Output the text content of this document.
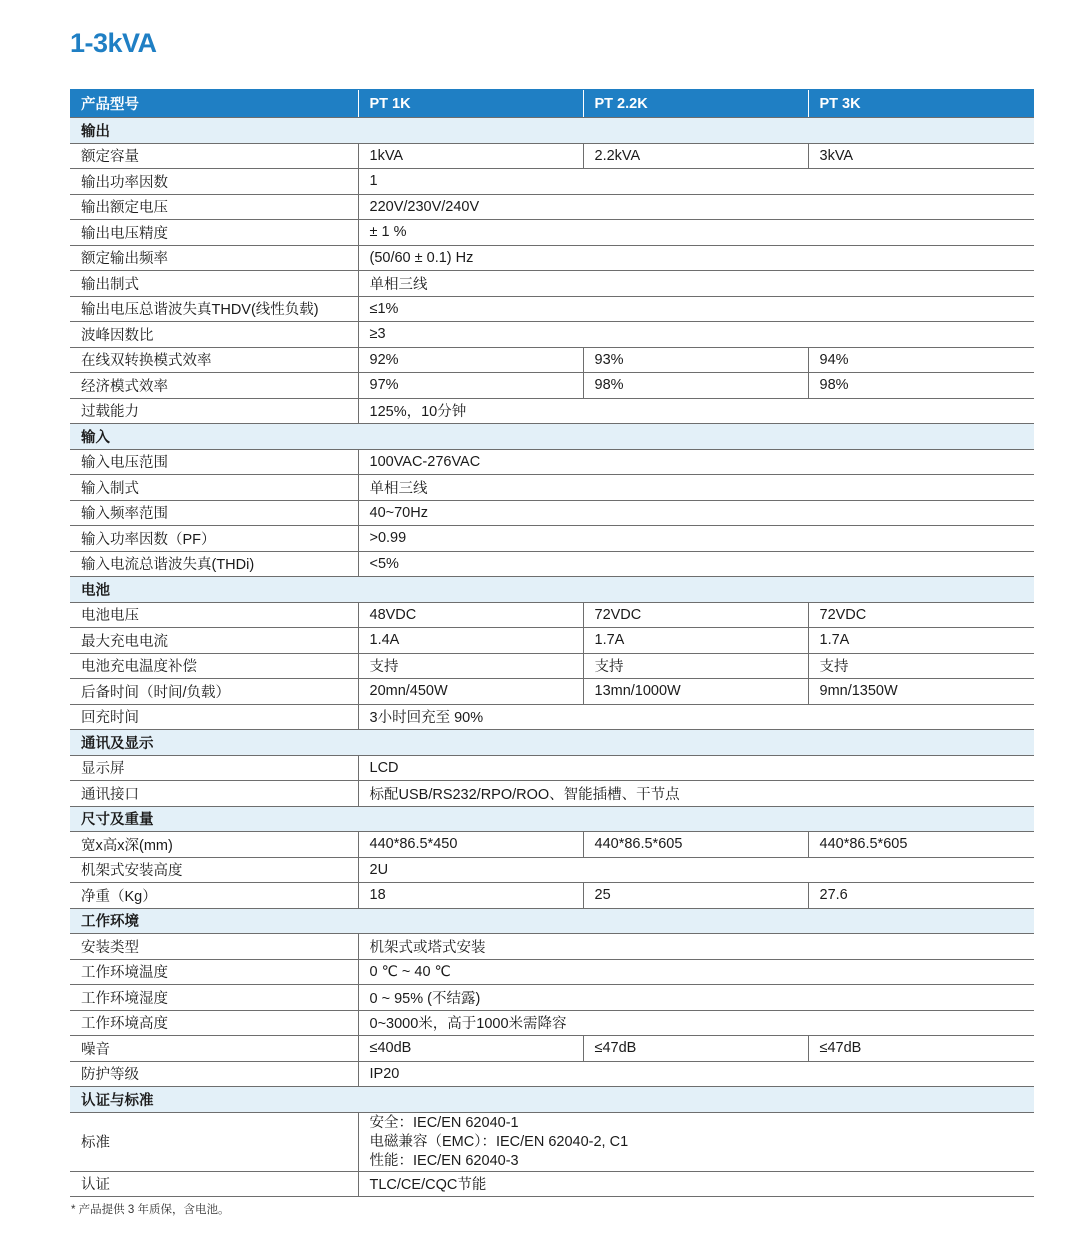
1-3kVA
产品型号	PT 1K	PT 2.2K	PT 3K
输出			
额定容量	1kVA	2.2kVA	3kVA
输出功率因数	1		
输出额定电压	220V/230V/240V		
输出电压精度	± 1 %		
额定输出频率	(50/60 ± 0.1) Hz		
输出制式	单相三线		
输出电压总谐波失真THDV(线性负载)	≤1%		
波峰因数比	≥3		
在线双转换模式效率	92%	93%	94%
经济模式效率	97%	98%	98%
过载能力	125%，10分钟		
输入			
输入电压范围	100VAC-276VAC		
输入制式	单相三线		
输入频率范围	40~70Hz		
输入功率因数（PF）	>0.99		
输入电流总谐波失真(THDi)	<5%		
电池			
电池电压	48VDC	72VDC	72VDC
最大充电电流	1.4A	1.7A	1.7A
电池充电温度补偿	支持	支持	支持
后备时间（时间/负载）	20mn/450W	13mn/1000W	9mn/1350W
回充时间	3小时回充至 90%		
通讯及显示			
显示屏	LCD		
通讯接口	标配USB/RS232/RPO/ROO、智能插槽、干节点		
尺寸及重量			
宽x高x深(mm)	440*86.5*450	440*86.5*605	440*86.5*605
机架式安装高度	2U		
净重（Kg）	18	25	27.6
工作环境			
安装类型	机架式或塔式安装		
工作环境温度	0 ℃ ~ 40 ℃		
工作环境湿度	0 ~ 95% (不结露)		
工作环境高度	0~3000米，高于1000米需降容		
噪音	≤40dB	≤47dB	≤47dB
防护等级	IP20		
认证与标准			
标准	安全：IEC/EN 62040-1
电磁兼容（EMC）：IEC/EN 62040-2, C1
性能：IEC/EN 62040-3		

认证	TLC/CE/CQC节能		
* 产品提供 3 年质保，含电池。
